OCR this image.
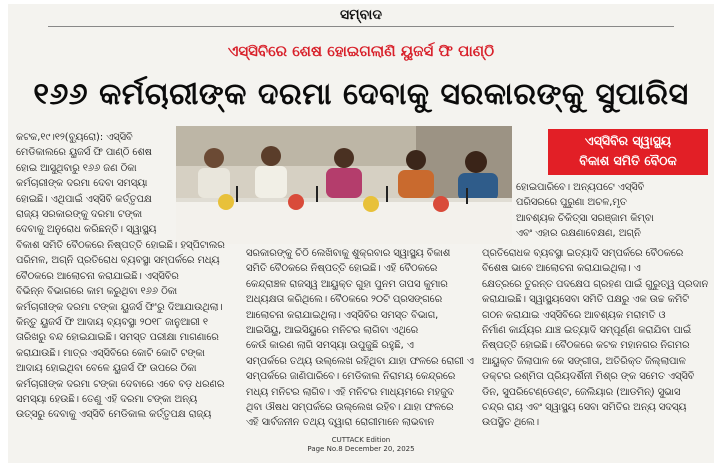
ସମ୍ବାଦ
ଏସ୍‌ସିବିରେ ଶେଷ ହୋଇଗଲାଣି ୟୁଜର୍ସ ଫି ପାଣ୍ଠି
୧୬୬ କର୍ମଚାରୀଙ୍କ ଦରମା ଦେବାକୁ ସରକାରଙ୍କୁ ସୁପାରିସ
ଏସ୍‌ସିବିର ସ୍ୱାସ୍ଥ୍ୟ
ବିକାଶ ସମିତି ବୈଠକ

କଟକ,୧୯।୧୨(ବ୍ୟୁରୋ): ଏସ୍‌ସିବି

ମେଡିକାଲରେ ୟୁଜର୍ସ ଫି ପାଣ୍ଠି ଶେଷ

ହୋଇ ଆସୁଥିବାରୁ ୧୬୬ ଜଣ ଠିକା

କର୍ମଚାରୀଙ୍କ ଦରମା ଦେବା ସମସ୍ୟା

ହୋଇଛି। ଏଥିପାଇଁ ଏସ୍‌ସିବି କର୍ତ୍ତୃପକ୍ଷ

ରାଜ୍ୟ ସରକାରଙ୍କୁ ଦରମା ଟଙ୍କା

ଦେବାକୁ ଅନୁରୋଧ କରିଛନ୍ତି। ସ୍ୱାସ୍ଥ୍ୟ

ବିକାଶ ସମିତି ବୈଠକରେ ନିଷ୍ପତ୍ତି ହୋଇଛି। ହସ୍ପିଟାଲର

ପରିମଳ, ଅଗ୍ନି ପ୍ରତିରୋଧ ବ୍ୟବସ୍ଥା ସମ୍ପର୍କରେ ମଧ୍ୟ

ବୈଠକରେ ଆଲୋଚନା କରାଯାଇଛି। ଏସ୍‌ସିବିର

ବିଭିନ୍ନ ବିଭାଗରେ କାମ କରୁଥିବା ୧୬୬ ଠିକା

କର୍ମଚାରୀଙ୍କ ଦରମା ଟଙ୍କା ୟୁଜର୍ସ ଫି'ରୁ ଦିଆଯାଉଥିଲା।

କିନ୍ତୁ ୟୁଜର୍ସ ଫି ଆଦାୟ ବ୍ୟବସ୍ଥା ୨୦୧୮ ଜାନୁଆରୀ ୧

ତାରିଖରୁ ବନ୍ଦ ହୋଇଯାଇଛି। ସମସ୍ତ ପରୀକ୍ଷା ମାଗଣାରେ

କରାଯାଉଛି। ମାତ୍ର ଏସ୍‌ସିବିରେ କୋଟି କୋଟି ଟଙ୍କା

ଆଦାୟ ହୋଇଥିବା ବେଳେ ୟୁଜର୍ସ ଫି ଉପରେ ଠିକା

କର୍ମଚାରୀଙ୍କ ଦରମା ଟଙ୍କା ଦେବାରେ ଏବେ ବଡ଼ ଧରଣର

ସମସ୍ୟା ହେଉଛି। ତେଣୁ ଏହି ଦରମା ଟଙ୍କା ଅନ୍ୟ

ଉତ୍ସରୁ ଦେବାକୁ ଏସ୍‌ସିବି ମେଡିକାଲ କର୍ତ୍ତୃପକ୍ଷ ରାଜ୍ୟ

ସରକାରଙ୍କୁ ଚିଠି ଲେଖିବାକୁ ଶୁକ୍ରବାର ସ୍ୱାସ୍ଥ୍ୟ ବିକାଶ

ସମିତି ବୈଠକରେ ନିଷ୍ପତ୍ତି ହୋଇଛି। ଏହି ବୈଠକରେ

କେନ୍ଦ୍ରାଞ୍ଚଳ ରାଜସ୍ୱ ଆୟୁକ୍ତ ଗୁହା ପୁନମ ତାପସ କୁମାର

ଅଧ୍ୟକ୍ଷତା କରିଥିଲେ। ବୈଠକରେ ୨୦ଟି ପ୍ରସଙ୍ଗରେ

ଆଲୋଚନା କରାଯାଇଥିଲା। ଏସ୍‌ସିବିର ସମସ୍ତ ବିଭାଗ,

ଆଇସିୟୁ, ଆଇସିୟୁରେ ମନିଟର ଲାଗିବା ଏଥିରେ

କେଉଁ କାରଣ ଲାଗି ସମସ୍ୟା ଉପୁଜୁଛି ରହୁଛି, ଏ

ସମ୍ପର୍କରେ ତଥ୍ୟ ଉଲ୍ଲେଖ ରହିଥିବା ଯାହା ଫଳରେ ରୋଗୀ ଏ

ସମ୍ପର୍କରେ ଜାଣିପାରିବେ। ମେଡିକାଲ ନିରାମୟ କେନ୍ଦ୍ରରେ

ମଧ୍ୟ ମନିଟର ଲାଗିବ। ଏହି ମନିଟର ମାଧ୍ୟମରେ ମହଜୁଦ

ଥିବା ଔଷଧ ସମ୍ପର୍କରେ ଉଲ୍ଲେଖ ରହିବ। ଯାହା ଫଳରେ

ଏହି ସାର୍ବଜନୀନ ତଥ୍ୟ ଦ୍ୱାରା ରୋଗୀମାନେ ଲାଭବାନ

ହୋଇପାରିବେ। ଅନ୍ୟପଟେ ଏସ୍‌ସିବି

ପରିସରରେ ପୁରୁଣା ଅଚଳ,ମୃତ

ଆବଶ୍ୟକ ଚିକିତ୍ସା ସରଞ୍ଜାମ କିମ୍ବା

ଏବଂ ଏହାର ରକ୍ଷଣାବେକ୍ଷଣ, ଅଗ୍ନି

ପ୍ରତିରୋଧକ ବ୍ୟବସ୍ଥା ଇତ୍ୟାଦି ସମ୍ପର୍କରେ ବୈଠକରେ

ବିଶେଷ ଭାବେ ଆଲୋଚନା କରାଯାଇଥିଲା। ଏ

କ୍ଷେତ୍ରରେ ତୁରନ୍ତ ପଦକ୍ଷେପ ଗ୍ରହଣ ପାଇଁ ଗୁରୁତ୍ୱ ପ୍ରଦାନ

କରାଯାଇଛି। ସ୍ୱାସ୍ଥ୍ୟସେବା ସମିତି ପକ୍ଷରୁ ଏକ ଉଚ୍ଚ କମିଟି

ଗଠନ କରାଯାଇ ଏସ୍‌ସିବିରେ ଆବଶ୍ୟକ ମରାମତି ଓ

ନିର୍ମାଣ କାର୍ଯ୍ୟର ଯାଞ୍ଚ ଇତ୍ୟାଦି ସମ୍ପୂର୍ଣ୍ଣ କରାଯିବା ପାଇଁ

ନିଷ୍ପତ୍ତି ହୋଇଛି। ବୈଠକରେ କଟକ ମହାନଗର ନିଗମର

ଆୟୁକ୍ତ ଜିଲାପାଳ କେ ସଙ୍ଗୀତା, ଅତିରିକ୍ତ ଜିଲ୍ଲାପାଳ

ଡକ୍ଟର ରଶ୍ମିତା ପ୍ରିୟଦର୍ଶିନୀ ମିଶ୍ର ଙ୍କ ସମେତ ଏସ୍‌ସିବି

ଡିନ, ସୁପରିଟେଣ୍ଡେଣ୍ଟ, ଜେଲିୟାର (ଆଡମିନ୍) ସୁଭାସ

ଚନ୍ଦ୍ର ରାୟ ଏବଂ ସ୍ୱାସ୍ଥ୍ୟ ସେବା ସମିତିର ଅନ୍ୟ ସଦସ୍ୟ

ଉପସ୍ଥିତ ଥିଲେ।

CUTTACK Edition
Page No.8 December 20, 2025
